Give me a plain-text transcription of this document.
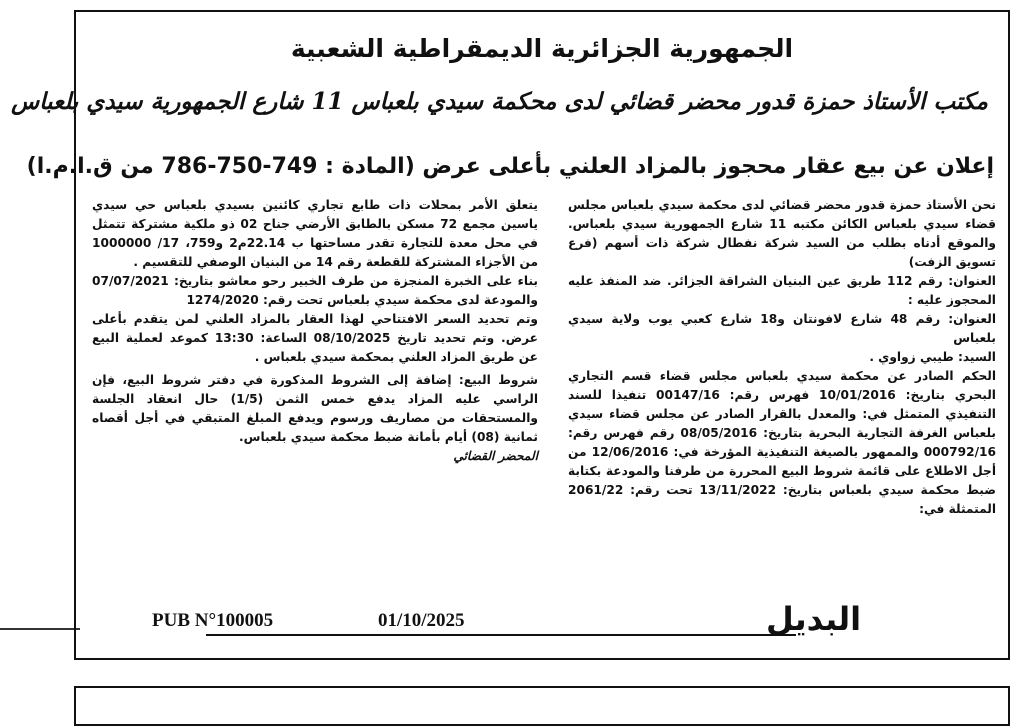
الجمهورية الجزائرية الديمقراطية الشعبية
مكتب الأستاذ حمزة قدور محضر قضائي لدى محكمة سيدي بلعباس 11 شارع الجمهورية سيدي بلعباس
إعلان عن بيع عقار محجوز بالمزاد العلني بأعلى عرض (المادة : 749-750-786 من ق.ا.م.ا)

نحن الأستاذ حمزة قدور محضر قضائي لدى محكمة سيدي بلعباس مجلس قضاء سيدي بلعباس الكائن مكتبه 11 شارع الجمهورية سيدي بلعباس. والموقع أدناه بطلب من السيد شركة نفطال شركة ذات أسهم (فرع تسويق الزفت)

العنوان: رقم 112 طريق عين البنيان الشراقة الجزائر. ضد المنفذ عليه المحجوز عليه :

العنوان: رقم 48 شارع لافونتان و18 شارع كعبي يوب ولاية سيدي بلعباس

السيد: طيبي زواوي .

الحكم الصادر عن محكمة سيدي بلعباس مجلس قضاء قسم التجاري البحري بتاريخ: 10/01/2016 فهرس رقم: 00147/16 تنفيذا للسند التنفيذي المتمثل في: والمعدل بالقرار الصادر عن مجلس قضاء سيدي بلعباس الغرفة التجارية البحرية بتاريخ: 08/05/2016 رقم فهرس رقم: 000792/16 والممهور بالصيغة التنفيذية المؤرخة في: 12/06/2016 من أجل الاطلاع على قائمة شروط البيع المحررة من طرفنا والمودعة بكتابة ضبط محكمة سيدي بلعباس بتاريخ: 13/11/2022 تحت رقم: 2061/22 المتمثلة في:

يتعلق الأمر بمحلات ذات طابع تجاري كائنين بسيدي بلعباس حي سيدي ياسين مجمع 72 مسكن بالطابق الأرضي جناح 02 ذو ملكية مشتركة تتمثل في محل معدة للتجارة تقدر مساحتها ب 22.14م2 و759، 17/ 1000000 من الأجزاء المشتركة للقطعة رقم 14 من البنيان الوصفي للتقسيم .

بناء على الخبرة المنجزة من طرف الخبير رحو معاشو بتاريخ: 07/07/2021 والمودعة لدى محكمة سيدي بلعباس تحت رقم: 1274/2020

وتم تحديد السعر الافتتاحي لهذا العقار بالمزاد العلني لمن يتقدم بأعلى عرض. وتم تحديد تاريخ 08/10/2025 الساعة: 13:30 كموعد لعملية البيع عن طريق المزاد العلني بمحكمة سيدي بلعباس .

شروط البيع: إضافة إلى الشروط المذكورة في دفتر شروط البيع، فإن الراسي عليه المزاد يدفع خمس الثمن (1/5) حال انعقاد الجلسة والمستحقات من مصاريف ورسوم ويدفع المبلغ المتبقي في أجل أقصاه ثمانية (08) أيام بأمانة ضبط محكمة سيدي بلعباس.

المحضر القضائي

PUB N°100005	01/10/2025	البديل
